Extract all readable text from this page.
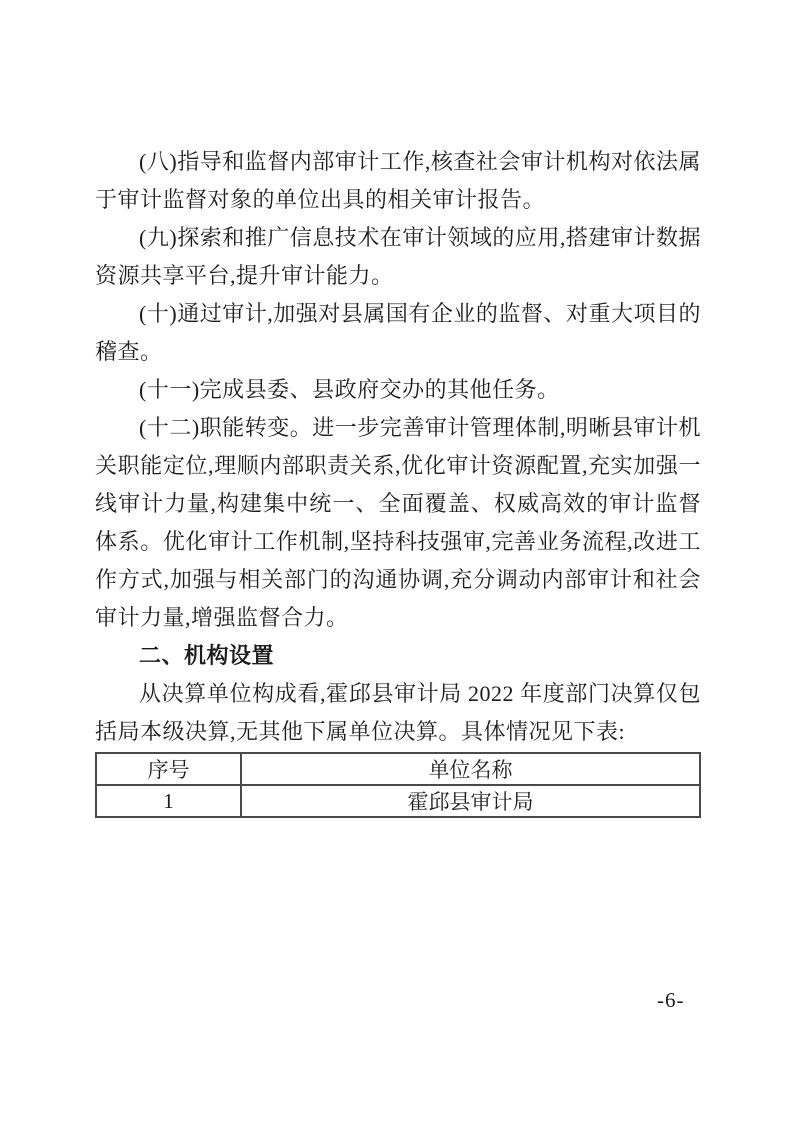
(八)指导和监督内部审计工作,核查社会审计机构对依法属于审计监督对象的单位出具的相关审计报告。

(九)探索和推广信息技术在审计领域的应用,搭建审计数据资源共享平台,提升审计能力。

(十)通过审计,加强对县属国有企业的监督、对重大项目的稽查。

(十一)完成县委、县政府交办的其他任务。

(十二)职能转变。进一步完善审计管理体制,明晰县审计机关职能定位,理顺内部职责关系,优化审计资源配置,充实加强一线审计力量,构建集中统一、全面覆盖、权威高效的审计监督体系。优化审计工作机制,坚持科技强审,完善业务流程,改进工作方式,加强与相关部门的沟通协调,充分调动内部审计和社会审计力量,增强监督合力。

二、机构设置

从决算单位构成看,霍邱县审计局 2022 年度部门决算仅包括局本级决算,无其他下属单位决算。具体情况见下表:

序号	单位名称
1	霍邱县审计局
-6-
